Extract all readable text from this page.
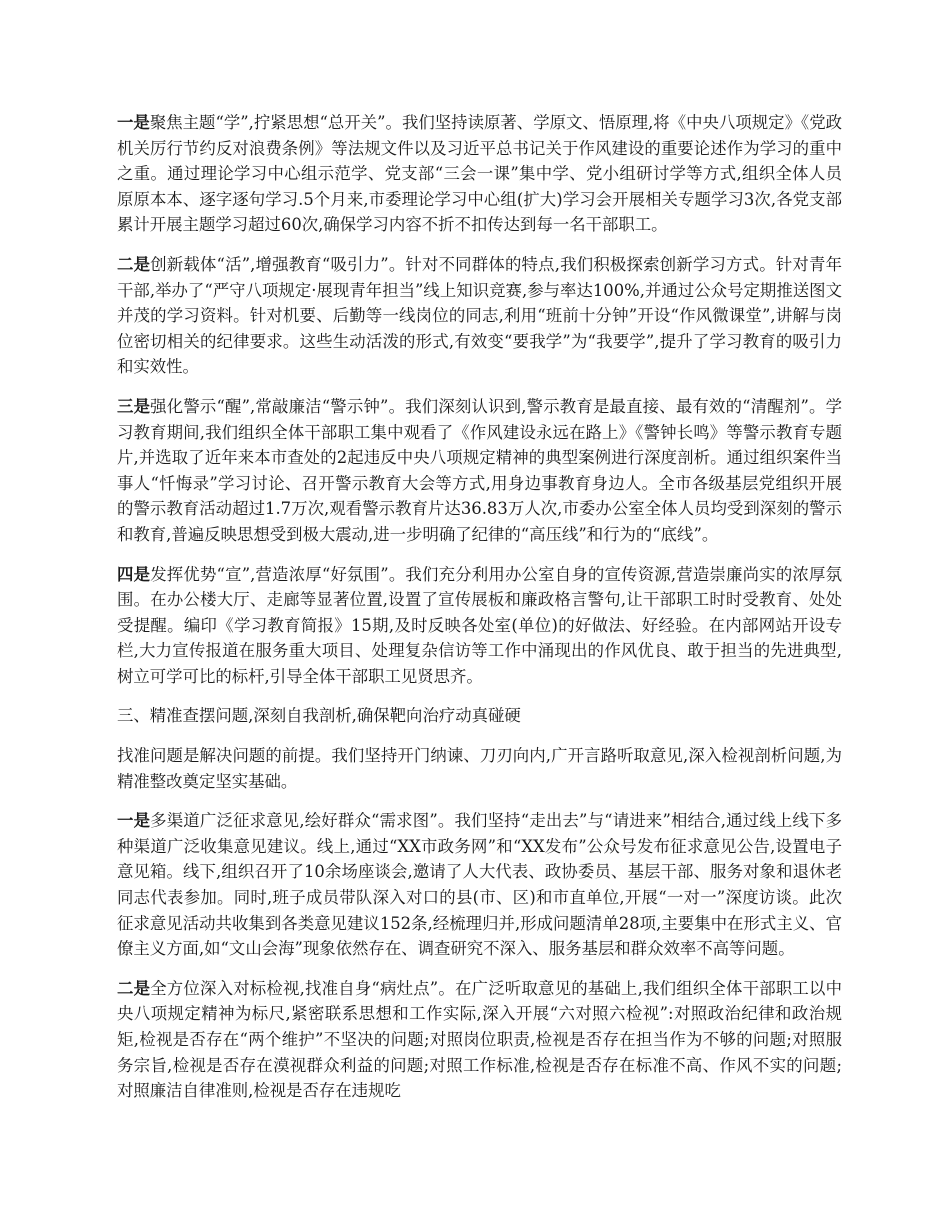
一是聚焦主题“学”,拧紧思想“总开关”。我们坚持读原著、学原文、悟原理,将《中央八项规定》《党政机关厉行节约反对浪费条例》等法规文件以及习近平总书记关于作风建设的重要论述作为学习的重中之重。通过理论学习中心组示范学、党支部“三会一课”集中学、党小组研讨学等方式,组织全体人员原原本本、逐字逐句学习.5个月来,市委理论学习中心组(扩大)学习会开展相关专题学习3次,各党支部累计开展主题学习超过60次,确保学习内容不折不扣传达到每一名干部职工。

二是创新载体“活”,增强教育“吸引力”。针对不同群体的特点,我们积极探索创新学习方式。针对青年干部,举办了“严守八项规定·展现青年担当”线上知识竞赛,参与率达100%,并通过公众号定期推送图文并茂的学习资料。针对机要、后勤等一线岗位的同志,利用“班前十分钟”开设“作风微课堂”,讲解与岗位密切相关的纪律要求。这些生动活泼的形式,有效变“要我学”为“我要学”,提升了学习教育的吸引力和实效性。

三是强化警示“醒”,常敲廉洁“警示钟”。我们深刻认识到,警示教育是最直接、最有效的“清醒剂”。学习教育期间,我们组织全体干部职工集中观看了《作风建设永远在路上》《警钟长鸣》等警示教育专题片,并选取了近年来本市查处的2起违反中央八项规定精神的典型案例进行深度剖析。通过组织案件当事人“忏悔录”学习讨论、召开警示教育大会等方式,用身边事教育身边人。全市各级基层党组织开展的警示教育活动超过1.7万次,观看警示教育片达36.83万人次,市委办公室全体人员均受到深刻的警示和教育,普遍反映思想受到极大震动,进一步明确了纪律的“高压线”和行为的“底线”。

四是发挥优势“宣”,营造浓厚“好氛围”。我们充分利用办公室自身的宣传资源,营造崇廉尚实的浓厚氛围。在办公楼大厅、走廊等显著位置,设置了宣传展板和廉政格言警句,让干部职工时时受教育、处处受提醒。编印《学习教育简报》15期,及时反映各处室(单位)的好做法、好经验。在内部网站开设专栏,大力宣传报道在服务重大项目、处理复杂信访等工作中涌现出的作风优良、敢于担当的先进典型,树立可学可比的标杆,引导全体干部职工见贤思齐。

三、精准查摆问题,深刻自我剖析,确保靶向治疗动真碰硬

找准问题是解决问题的前提。我们坚持开门纳谏、刀刃向内,广开言路听取意见,深入检视剖析问题,为精准整改奠定坚实基础。

一是多渠道广泛征求意见,绘好群众“需求图”。我们坚持“走出去”与“请进来”相结合,通过线上线下多种渠道广泛收集意见建议。线上,通过“XX市政务网”和“XX发布”公众号发布征求意见公告,设置电子意见箱。线下,组织召开了10余场座谈会,邀请了人大代表、政协委员、基层干部、服务对象和退休老同志代表参加。同时,班子成员带队深入对口的县(市、区)和市直单位,开展“一对一”深度访谈。此次征求意见活动共收集到各类意见建议152条,经梳理归并,形成问题清单28项,主要集中在形式主义、官僚主义方面,如“文山会海”现象依然存在、调查研究不深入、服务基层和群众效率不高等问题。

二是全方位深入对标检视,找准自身“病灶点”。在广泛听取意见的基础上,我们组织全体干部职工以中央八项规定精神为标尺,紧密联系思想和工作实际,深入开展“六对照六检视”:对照政治纪律和政治规矩,检视是否存在“两个维护”不坚决的问题;对照岗位职责,检视是否存在担当作为不够的问题;对照服务宗旨,检视是否存在漠视群众利益的问题;对照工作标准,检视是否存在标准不高、作风不实的问题;对照廉洁自律准则,检视是否存在违规吃
